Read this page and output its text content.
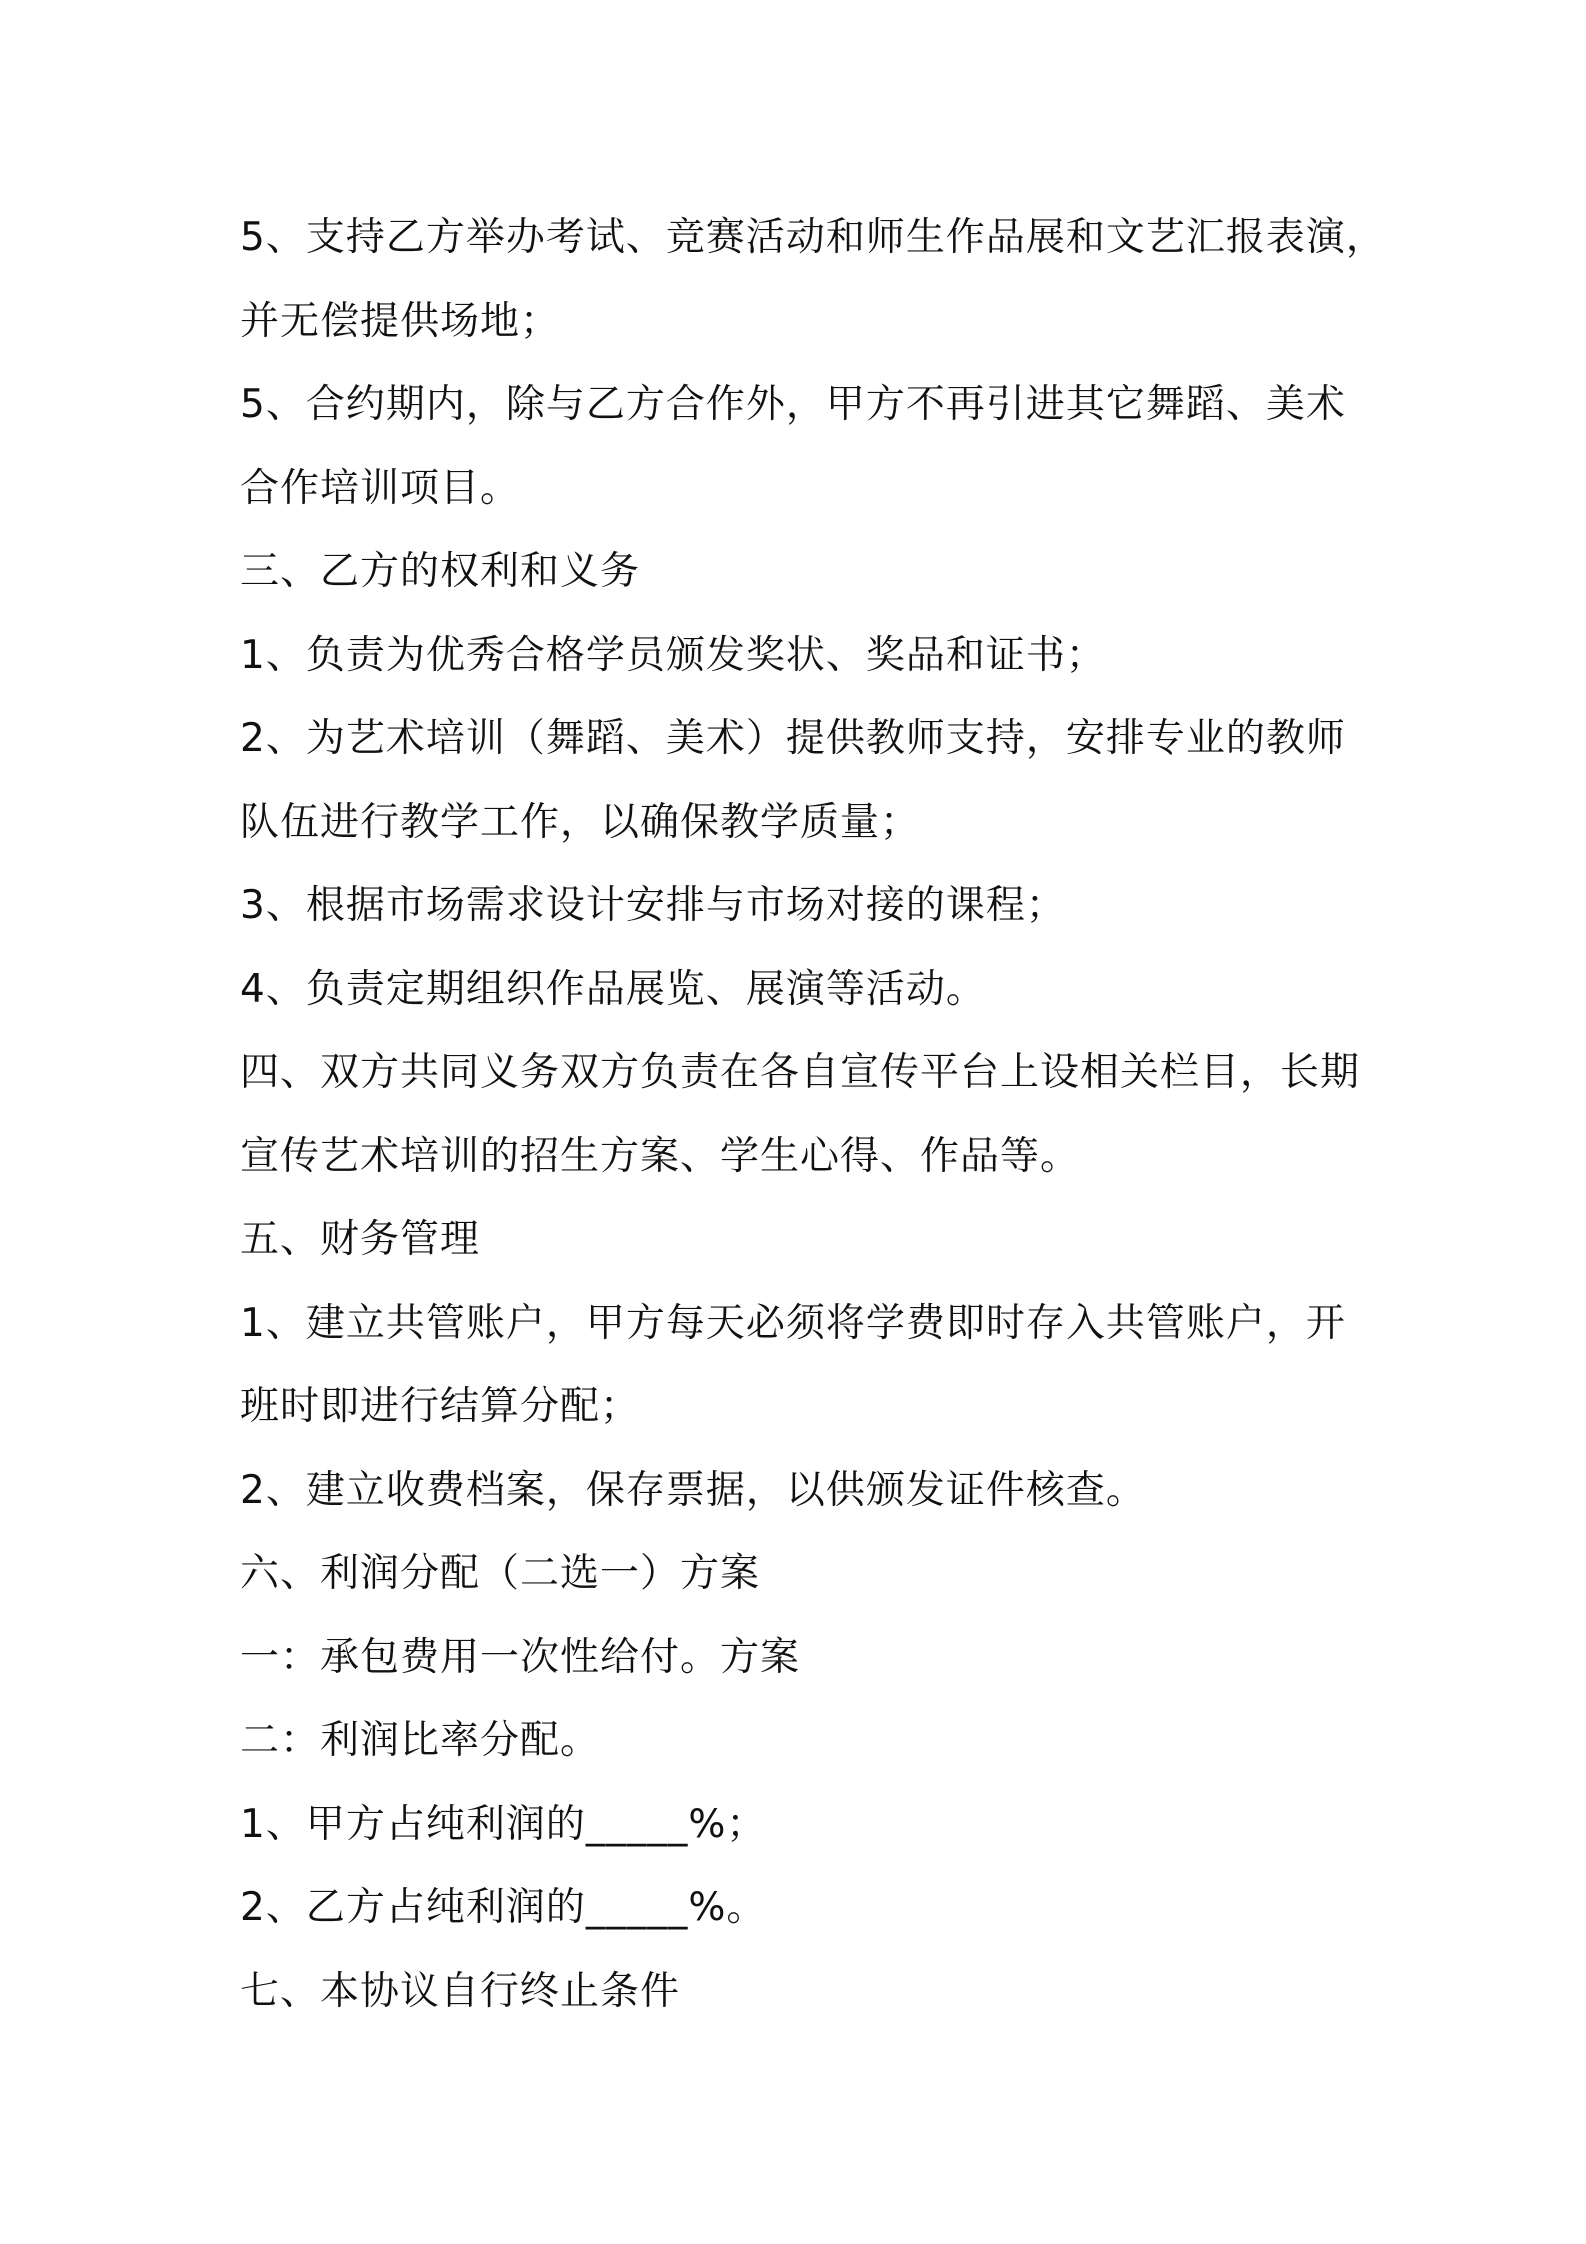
5、支持乙方举办考试、竞赛活动和师生作品展和文艺汇报表演，
并无偿提供场地；
5、合约期内，除与乙方合作外，甲方不再引进其它舞蹈、美术
合作培训项目。
三、乙方的权利和义务
1、负责为优秀合格学员颁发奖状、奖品和证书；
2、为艺术培训（舞蹈、美术）提供教师支持，安排专业的教师
队伍进行教学工作，以确保教学质量；
3、根据市场需求设计安排与市场对接的课程；
4、负责定期组织作品展览、展演等活动。
四、双方共同义务双方负责在各自宣传平台上设相关栏目，长期
宣传艺术培训的招生方案、学生心得、作品等。
五、财务管理
1、建立共管账户，甲方每天必须将学费即时存入共管账户，开
班时即进行结算分配；
2、建立收费档案，保存票据，以供颁发证件核查。
六、利润分配（二选一）方案
一：承包费用一次性给付。方案
二：利润比率分配。
1、甲方占纯利润的_____%；
2、乙方占纯利润的_____%。
七、本协议自行终止条件
